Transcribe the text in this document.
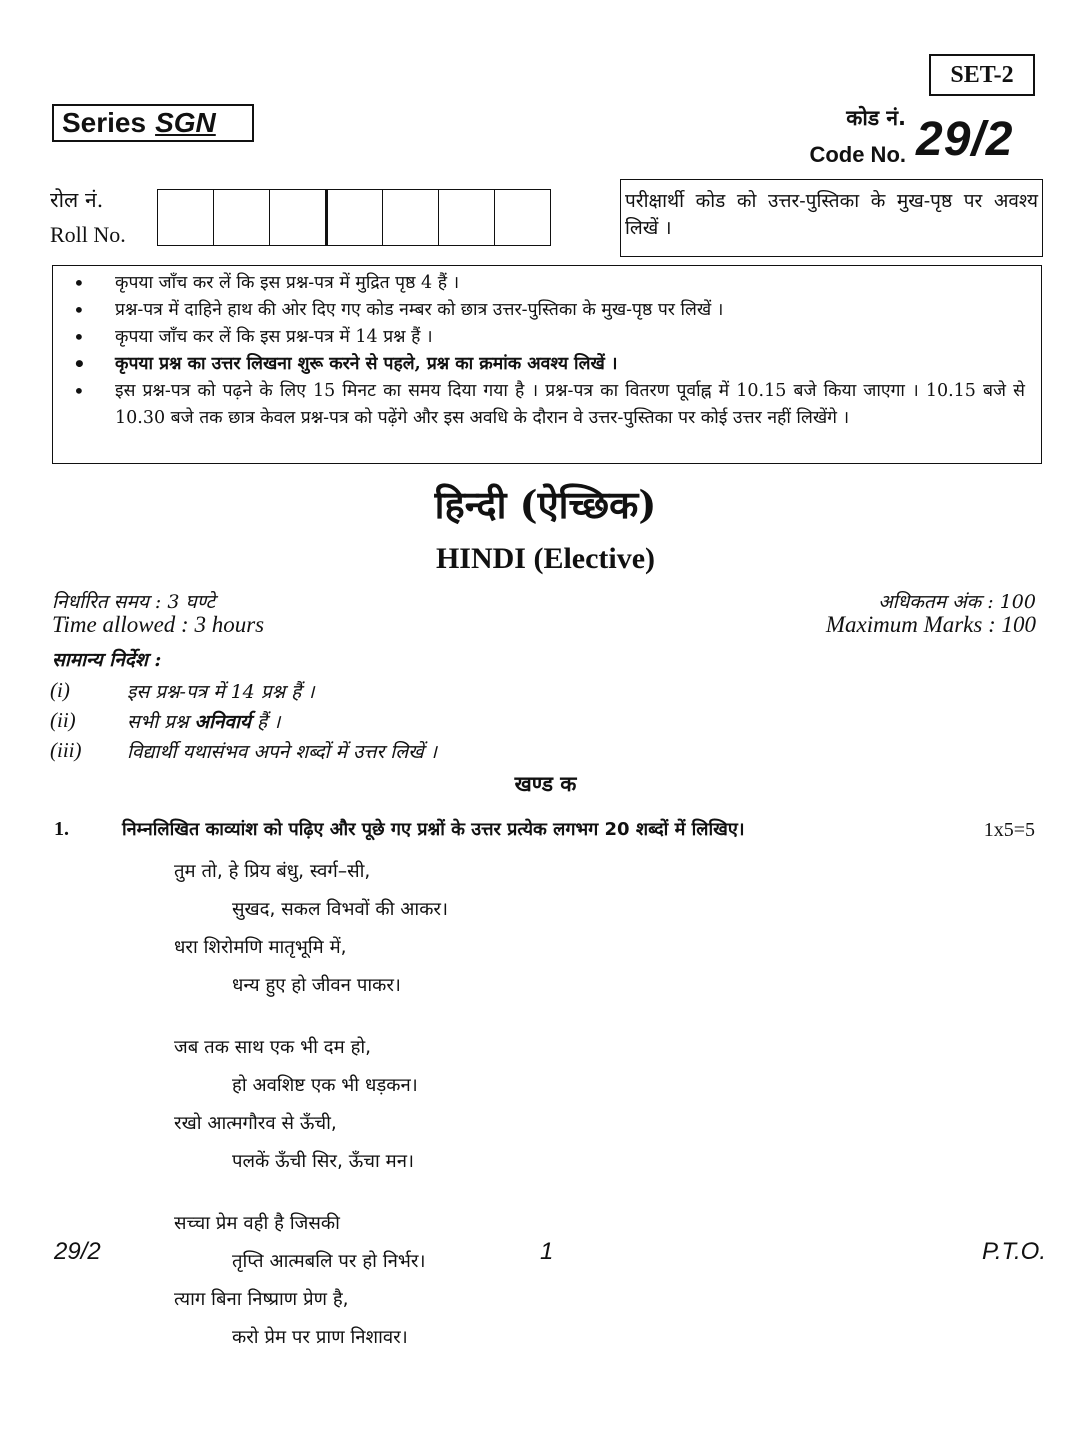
SET-2
Series SGN	कोड नं.
Code No. 29/2
रोल नं.
Roll No.
परीक्षार्थी कोड को उत्तर-पुस्तिका के मुख-पृष्ठ पर अवश्य लिखें ।
• कृपया जाँच कर लें कि इस प्रश्न-पत्र में मुद्रित पृष्ठ 4 हैं ।
• प्रश्न-पत्र में दाहिने हाथ की ओर दिए गए कोड नम्बर को छात्र उत्तर-पुस्तिका के मुख-पृष्ठ पर लिखें ।
• कृपया जाँच कर लें कि इस प्रश्न-पत्र में 14 प्रश्न हैं ।
• कृपया प्रश्न का उत्तर लिखना शुरू करने से पहले, प्रश्न का क्रमांक अवश्य लिखें ।
• इस प्रश्न-पत्र को पढ़ने के लिए 15 मिनट का समय दिया गया है । प्रश्न-पत्र का वितरण पूर्वाह्न में 10.15 बजे किया जाएगा । 10.15 बजे से 10.30 बजे तक छात्र केवल प्रश्न-पत्र को पढ़ेंगे और इस अवधि के दौरान वे उत्तर-पुस्तिका पर कोई उत्तर नहीं लिखेंगे ।
हिन्दी (ऐच्छिक)
HINDI (Elective)
निर्धारित समय : 3 घण्टे
Time allowed : 3 hours
अधिकतम अंक : 100
Maximum Marks : 100
सामान्य निर्देश :
(i)	इस प्रश्न-पत्र में 14 प्रश्न हैं ।
(ii)	सभी प्रश्न अनिवार्य हैं ।
(iii)	विद्यार्थी यथासंभव अपने शब्दों में उत्तर लिखें ।
खण्ड क
1.	निम्नलिखित काव्यांश को पढ़िए और पूछे गए प्रश्नों के उत्तर प्रत्येक लगभग 20 शब्दों में लिखिए।	1x5=5
तुम तो, हे प्रिय बंधु, स्वर्ग–सी,
सुखद, सकल विभवों की आकर।
धरा शिरोमणि मातृभूमि में,
धन्य हुए हो जीवन पाकर।
जब तक साथ एक भी दम हो,
हो अवशिष्ट एक भी धड़कन।
रखो आत्मगौरव से ऊँची,
पलकें ऊँची सिर, ऊँचा मन।
सच्चा प्रेम वही है जिसकी
तृप्ति आत्मबलि पर हो निर्भर।
त्याग बिना निष्प्राण प्रेण है,
करो प्रेम पर प्राण निशावर।
29/2	1	P.T.O.
